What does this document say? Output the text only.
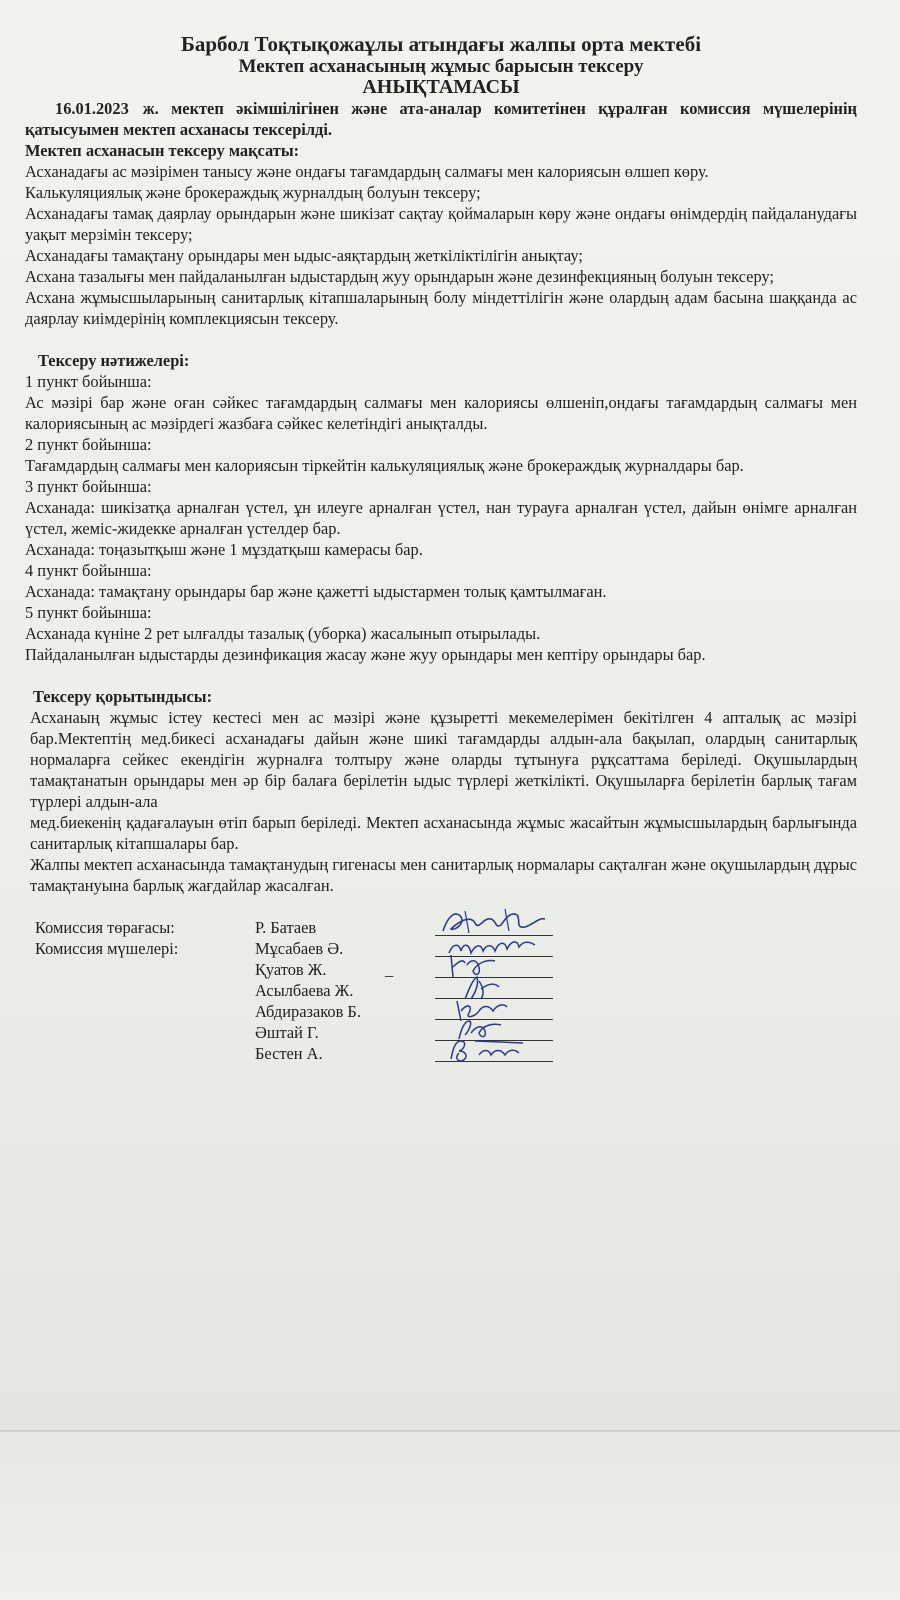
Барбол Тоқтықожаұлы атындағы жалпы орта мектебі

Мектеп асханасының жұмыс барысын тексеру

АНЫҚТАМАСЫ

16.01.2023 ж. мектеп әкімшілігінен және ата-аналар комитетінен құралған комиссия мүшелерінің қатысуымен мектеп асханасы тексерілді.

Мектеп асханасын тексеру мақсаты:

Асханадағы ас мәзірімен танысу және ондағы тағамдардың салмағы мен калориясын өлшеп көру.

Калькуляциялық және брокераждық журналдың болуын тексеру;

Асханадағы тамақ даярлау орындарын және шикізат сақтау қоймаларын көру және ондағы өнімдердің пайдаланудағы уақыт мерзімін тексеру;

Асханадағы тамақтану орындары мен ыдыс-аяқтардың жеткіліктілігін анықтау;

Асхана тазалығы мен пайдаланылған ыдыстардың жуу орындарын және дезинфекцияның болуын тексеру;

Асхана жұмысшыларының санитарлық кітапшаларының болу міндеттілігін және олардың адам басына шаққанда ас даярлау киімдерінің комплекциясын тексеру.

Тексеру нәтижелері:

1 пункт бойынша:

Ас мәзірі бар және оған сәйкес тағамдардың салмағы мен калориясы өлшеніп,ондағы тағамдардың салмағы мен калориясының ас мәзірдегі жазбаға сәйкес келетіндігі анықталды.

2 пункт бойынша:

Тағамдардың салмағы мен калориясын тіркейтін калькуляциялық және брокераждық журналдары бар.

3 пункт бойынша:

Асханада: шикізатқа арналған үстел, ұн илеуге арналған үстел, нан турауға арналған үстел, дайын өнімге арналған үстел, жеміс-жидекке арналған үстелдер бар.

Асханада: тоңазытқыш және 1 мұздатқыш камерасы бар.

4 пункт бойынша:

Асханада: тамақтану орындары бар және қажетті ыдыстармен толық қамтылмаған.

5 пункт бойынша:

Асханада күніне 2 рет ылғалды тазалық (уборка) жасалынып отырылады.

Пайдаланылған ыдыстарды дезинфикация жасау және жуу орындары мен кептіру орындары бар.

Тексеру қорытындысы:

Асханаың жұмыс істеу кестесі мен ас мәзірі және құзыретті мекемелерімен бекітілген 4 апталық ас мәзірі бар.Мектептің мед.бикесі асханадағы дайын және шикі тағамдарды алдын-ала бақылап, олардың санитарлық нормаларға сейкес екендігін журналға толтыру және оларды тұтынуға рұқсаттама беріледі. Оқушылардың тамақтанатын орындары мен әр бір балаға берілетін ыдыс түрлері жеткілікті. Оқушыларға берілетін барлық тағам түрлері алдын-ала

мед.биекенің қадағалауын өтіп барып беріледі. Мектеп асханасында жұмыс жасайтын жұмысшылардың барлығында санитарлық кітапшалары бар.

Жалпы мектеп асханасында тамақтанудың гигенасы мен санитарлық нормалары сақталған және оқушылардың дұрыс тамақтануына барлық жағдайлар жасалған.

Комиссия төрағасы:
Комиссия мүшелері:
Р. Батаев
Мұсабаев Ә.
Қуатов Ж.
Асылбаева Ж.
Абдиразаков Б.
Әштай Г.
Бестен А.
_
